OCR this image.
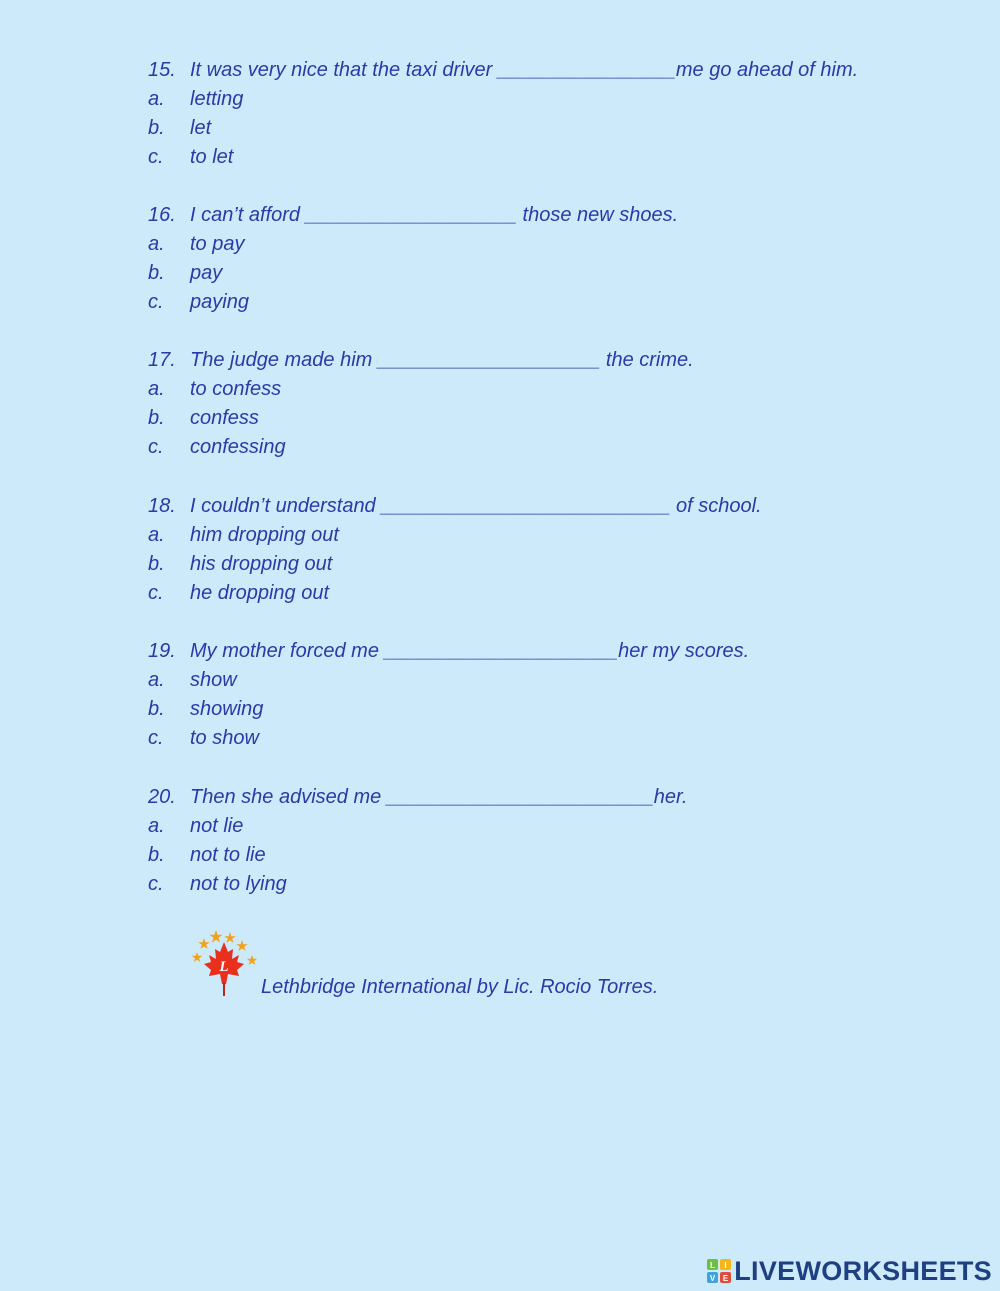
15. It was very nice that the taxi driver ________________me go ahead of him.
a. letting
b. let
c. to let
16. I can’t afford ___________________ those new shoes.
a. to pay
b. pay
c. paying
17. The judge made him ____________________ the crime.
a. to confess
b. confess
c. confessing
18. I couldn’t understand __________________________ of school.
a. him dropping out
b. his dropping out
c. he dropping out
19. My mother forced me _____________________her my scores.
a. show
b. showing
c. to show
20. Then she advised me ________________________her.
a. not lie
b. not to lie
c. not to lying
L
Lethbridge International by Lic. Rocio Torres.
L I
V E LIVEWORKSHEETS
